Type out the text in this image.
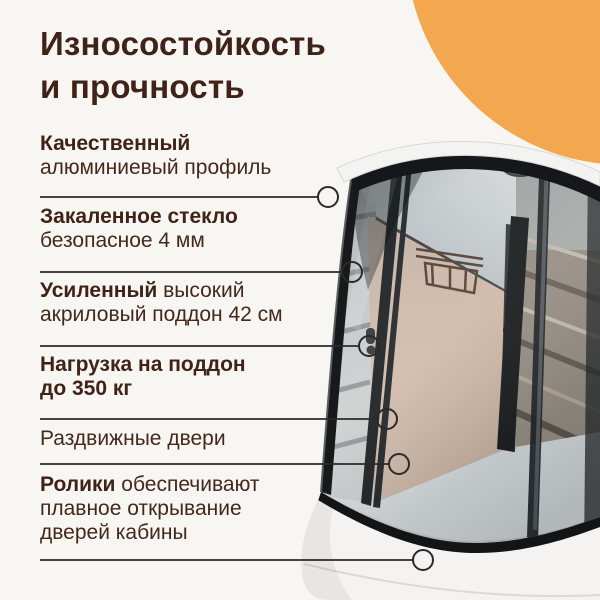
Износостойкость
и прочность
Качественный
алюминиевый профиль
Закаленное стекло
безопасное 4 мм
Усиленный высокий
акриловый поддон 42 см
Нагрузка на поддон
до 350 кг
Раздвижные двери
Ролики обеспечивают
плавное открывание
дверей кабины
